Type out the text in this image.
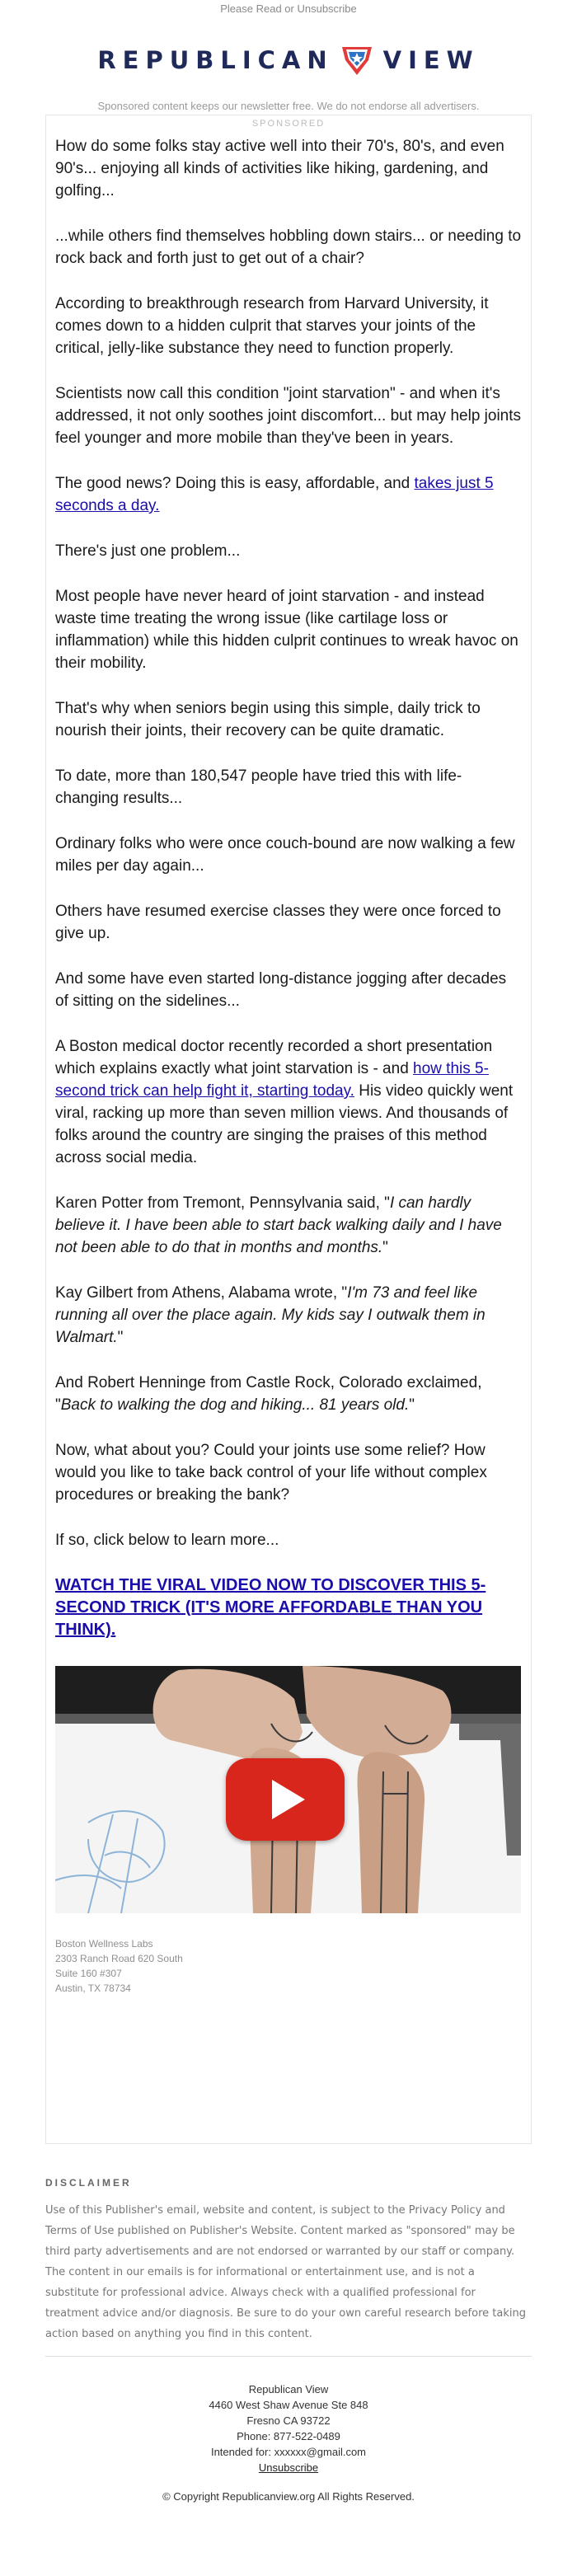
Please Read or Unsubscribe
REPUBLICAN VIEW
Sponsored content keeps our newsletter free. We do not endorse all advertisers.
SPONSORED

How do some folks stay active well into their 70's, 80's, and even 90's... enjoying all kinds of activities like hiking, gardening, and golfing...

...while others find themselves hobbling down stairs... or needing to rock back and forth just to get out of a chair?

According to breakthrough research from Harvard University, it comes down to a hidden culprit that starves your joints of the critical, jelly-like substance they need to function properly.

Scientists now call this condition "joint starvation" - and when it's addressed, it not only soothes joint discomfort... but may help joints feel younger and more mobile than they've been in years.

The good news? Doing this is easy, affordable, and takes just 5 seconds a day.

There's just one problem...

Most people have never heard of joint starvation - and instead waste time treating the wrong issue (like cartilage loss or inflammation) while this hidden culprit continues to wreak havoc on their mobility.

That's why when seniors begin using this simple, daily trick to nourish their joints, their recovery can be quite dramatic.

To date, more than 180,547 people have tried this with life-changing results...

Ordinary folks who were once couch-bound are now walking a few miles per day again...

Others have resumed exercise classes they were once forced to give up.

And some have even started long-distance jogging after decades of sitting on the sidelines...

A Boston medical doctor recently recorded a short presentation which explains exactly what joint starvation is - and how this 5-second trick can help fight it, starting today. His video quickly went viral, racking up more than seven million views. And thousands of folks around the country are singing the praises of this method across social media.

Karen Potter from Tremont, Pennsylvania said, "I can hardly believe it. I have been able to start back walking daily and I have not been able to do that in months and months."

Kay Gilbert from Athens, Alabama wrote, "I'm 73 and feel like running all over the place again. My kids say I outwalk them in Walmart."

And Robert Henninge from Castle Rock, Colorado exclaimed, "Back to walking the dog and hiking... 81 years old."

Now, what about you? Could your joints use some relief? How would you like to take back control of your life without complex procedures or breaking the bank?

If so, click below to learn more...

WATCH THE VIRAL VIDEO NOW TO DISCOVER THIS 5-SECOND TRICK (IT'S MORE AFFORDABLE THAN YOU THINK).
Boston Wellness Labs
2303 Ranch Road 620 South
Suite 160 #307
Austin, TX 78734
DISCLAIMER
Use of this Publisher's email, website and content, is subject to the Privacy Policy and Terms of Use published on Publisher's Website. Content marked as "sponsored" may be third party advertisements and are not endorsed or warranted by our staff or company. The content in our emails is for informational or entertainment use, and is not a substitute for professional advice. Always check with a qualified professional for treatment advice and/or diagnosis. Be sure to do your own careful research before taking action based on anything you find in this content.
Republican View
4460 West Shaw Avenue Ste 848
Fresno CA 93722
Phone: 877-522-0489
Intended for: xxxxxx@gmail.com
Unsubscribe
© Copyright Republicanview.org All Rights Reserved.
